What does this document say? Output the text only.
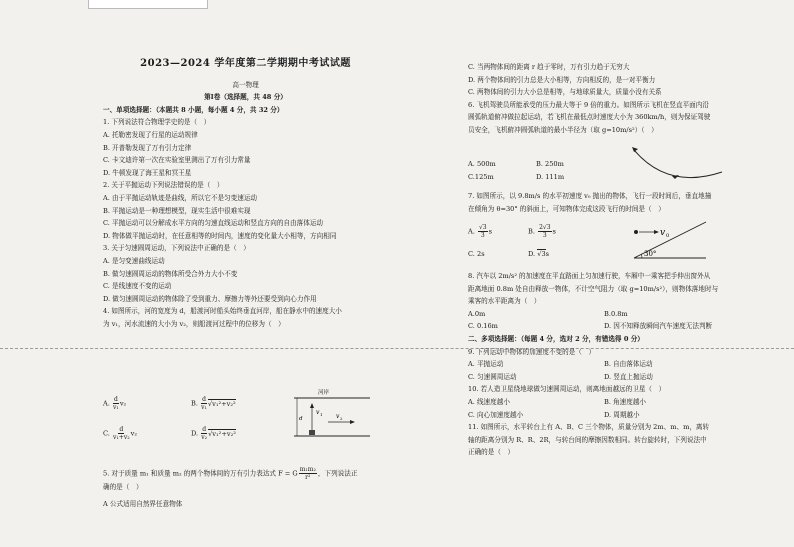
2023—2024 学年度第二学期期中考试试题
高一物理
第Ⅰ卷（选择题，共 48 分）
一、单项选择题：（本题共 8 小题，每小题 4 分，共 32 分）
1. 下列说法符合物理学史的是（　）
A. 托勒密发现了行星的运动规律
B. 开普勒发现了万有引力定律
C. 卡文迪许第一次在实验室里测出了万有引力常量
D. 牛顿发现了海王星和冥王星
2. 关于平抛运动下列说法错误的是（　）
A. 由于平抛运动轨迹是曲线，所以它不是匀变速运动
B. 平抛运动是一种理想模型，现实生活中很难实现
C. 平抛运动可以分解成水平方向的匀速直线运动和竖直方向的自由落体运动
D. 物体做平抛运动时，在任意相等的时间内，速度的变化量大小相等，方向相同
3. 关于匀速圆周运动，下列说法中正确的是（　）
A. 是匀变速曲线运动
B. 做匀速圆周运动的物体所受合外力大小不变
C. 是线速度不变的运动
D. 做匀速圆周运动的物体除了受到重力、摩擦力等外还要受到向心力作用
4. 如图所示，河的宽度为 d，船渡河时船头始终垂直河岸，船在静水中的速度大小
为 v₁，河水流速的大小为 v₂，则船渡河过程中的位移为（　）
A. $\frac{d}{\text{v₁}} v_2$	B. $\frac{d}{\text{v₁}} √v_1^2+v_2^2$
C. $\frac{d}{\text{v₁+v₂}} v_2$	D. $\frac{d}{\text{v₂}} √v_1^2+v_2^2$
河岸
d
v 1 v 2
5. 对于质量 m₁ 和质量 m₂ 的两个物体间的万有引力表达式 F = G $\frac{\text{m₁m₂}}{\text{r²}}$ ，下列说法正
确的是（　）
A 公式适用自然界任意物体
C. 当两物体间的距离 r 趋于零时，万有引力趋于无穷大
D. 两个物体间的引力总是大小相等，方向相反的，是一对平衡力
C. 两物体间的引力大小总是相等，与地球质量大，质量小没有关系
6. 飞机驾驶员所能承受的压力最大等于 9 倍的重力。如图所示飞机在竖直平面内沿
圆弧轨道俯冲做拉起运动，若飞机在最低点时速度大小为 360km/h，则为保证驾驶
员安全，飞机俯冲圆弧轨道的最小半径为（取 g=10m/s²）（　）
A. 500m	B. 250m
C.125m	D. 111m
7. 如图所示，以 9.8m/s 的水平初速度 v₀ 抛出的物体，飞行一段时间后，垂直地撞
在倾角为 θ=30° 的斜面上，可知物体完成这段飞行的时间是（　）
A. $\frac{√3}{3}$ s	B. $\frac{2√3}{3}$ s
C. 2s	D. √3s
v 0
30°
8. 汽车以 2m/s² 的加速度在平直路面上匀加速行驶，车厢中一乘客把手伸出窗外从
距离地面 0.8m 处自由释放一物体，不计空气阻力（取 g=10m/s²），则物体落地时与
乘客的水平距离为（　）
A.0m	B.0.8m
C. 0.16m	D. 因不知释放瞬间汽车速度无法判断
二、多项选择题：（每题 4 分，选对 2 分，有错选得 0 分）
9. 下列运动中物体的加速度不变的是（　）
A. 平抛运动	B. 自由落体运动
C. 匀速圆周运动	D. 竖直上抛运动
10. 若人造卫星绕地球做匀速圆周运动，则离地面越远的卫星（　）
A. 线速度越小	B. 角速度越小
C. 向心加速度越小	D. 周期越小
11. 如图所示，水平转台上有 A、B、C 三个物体，质量分别为 2m、m、m，离转
轴的距离分别为 R、R、2R，与转台间的摩擦因数相同。转台旋转时，下列说法中
正确的是（　）
